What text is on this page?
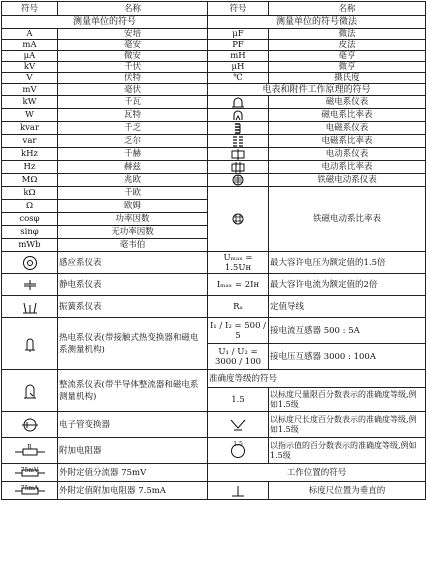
符号	名称	符号	名称
测量单位的符号		测量单位的符号微法	
A	安培	μF	微法
mA	毫安	PF	皮法
μA	微安	mH	毫亨
kV	千伏	μH	微亨
V	伏特	℃	摄氏度
mV	毫伏	电表和附件工作原理的符号	
kW	千瓦		磁电系仪表
W	瓦特		磁电系比率表
kvar	千乏		电磁系仪表
var	乏尔		电磁系比率表
kHz	千赫		电动系仪表
Hz	赫兹		电动系比率表
MΩ	兆欧		铁磁电动系仪表
kΩ	千欧		铁磁电动系比率表
Ω	欧姆		
cosφ	功率因数		
sinφ	无功率因数		
mWb	毫韦伯		

	感应系仪表	Uₘₐₓ = 1.5Uн	最大容许电压为额定值的1.5倍

	静电系仪表	Iₘₐₓ = 2Iн	最大容许电流为额定值的2倍

	振簧系仪表	Rₐ	定值导线

	热电系仪表(带接触式热变换器和磁电系测量机构)	I₁ / I₂ = 500 / 5	接电流互感器 500 : 5A
		U₁ / U₂ = 3000 / 100	接电压互感器 3000 : 100A

	整流系仪表(带半导体整流器和磁电系测量机构)	准确度等级的符号	
		1.5	以标度尺量限百分数表示的准确度等级,例如1.5级

	电子管变换器		以标度尺长度百分数表示的准确度等级,例如1.5级

R	附加电阻器	1.5	以指示值的百分数表示的准确度等级,例如1.5级

75mV	外附定值分流器 75mV	工作位置的符号	

75mA	外附定值附加电阻器 7.5mA		标度尺位置为垂直的
